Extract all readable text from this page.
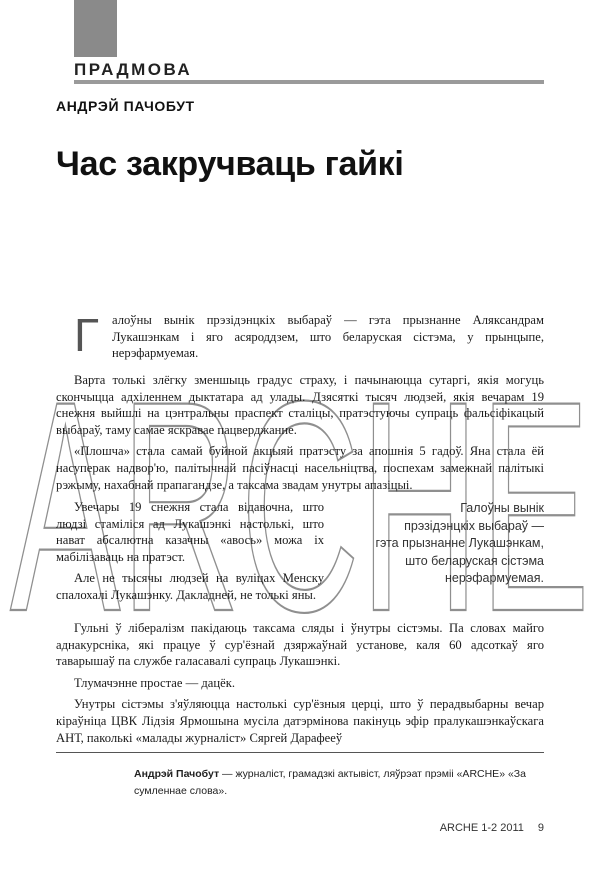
ПРАДМОВА
АНДРЭЙ ПАЧОБУТ
Час закручваць гайкі
ARCHE
Г	алоўны вынік прэзідэнцкіх выбараў — гэта прызнанне Аляксандрам Лукашэнкам і яго асяроддзем, што беларуская сістэма, у прынцыпе, нерэфармуемая.

Варта толькі злёгку зменшыць градус страху, і пачынаюцца сутаргі, якія могуць скончыцца адхіленнем дыктатара ад улады. Дзясяткі тысяч людзей, якія вечарам 19 снежня выйшлі на цэнтральны праспект сталіцы, пратэстуючы супраць фальсіфікацый выбараў, таму самае яскравае пацверджанне.

«Плошча» стала самай буйной акцыяй пратэсту за апошнія 5 гадоў. Яна стала ёй насуперак надвор'ю, палітычнай пасіўнасці насельніцтва, поспехам замежнай палітыкі рэжыму, нахабнай прапагандзе, а таксама звадам унутры апазіцыі.

Увечары 19 снежня стала відавочна, што людзі стаміліся ад Лукашэнкі настолькі, што нават абсалютна казачны «авось» можа іх мабілізаваць на пратэст.

Але не тысячы людзей на вуліцах Менску спалохалі Лукашэнку. Дакладней, не толькі яны.

Галоўны вынік
прэзідэнцкіх выбараў —
гэта прызнанне Лукашэнкам,
што беларуская сістэма
нерэфармуемая.

Гульні ў лібералізм пакідаюць таксама сляды і ўнутры сістэмы. Па словах майго аднакурсніка, які працуе ў сур'ёзнай дзяржаўнай установе, каля 60 адсоткаў яго таварышаў па службе галасавалі супраць Лукашэнкі.

Тлумачэнне простае — дацёк.

Унутры сістэмы з'яўляюцца настолькі сур'ёзныя церці, што ў перадвыбарны вечар кіраўніца ЦВК Лідзія Ярмошына мусіла датэрмінова пакінуць эфір пралукашэнкаўскага АНТ, паколькі «малады журналіст» Сяргей Дарафееў

Андрэй Пачобут — журналіст, грамадзкі актывіст, ляўрэат прэміі «ARCHE» «За сумленнае слова».
ARCHE 1-2 2011 9
